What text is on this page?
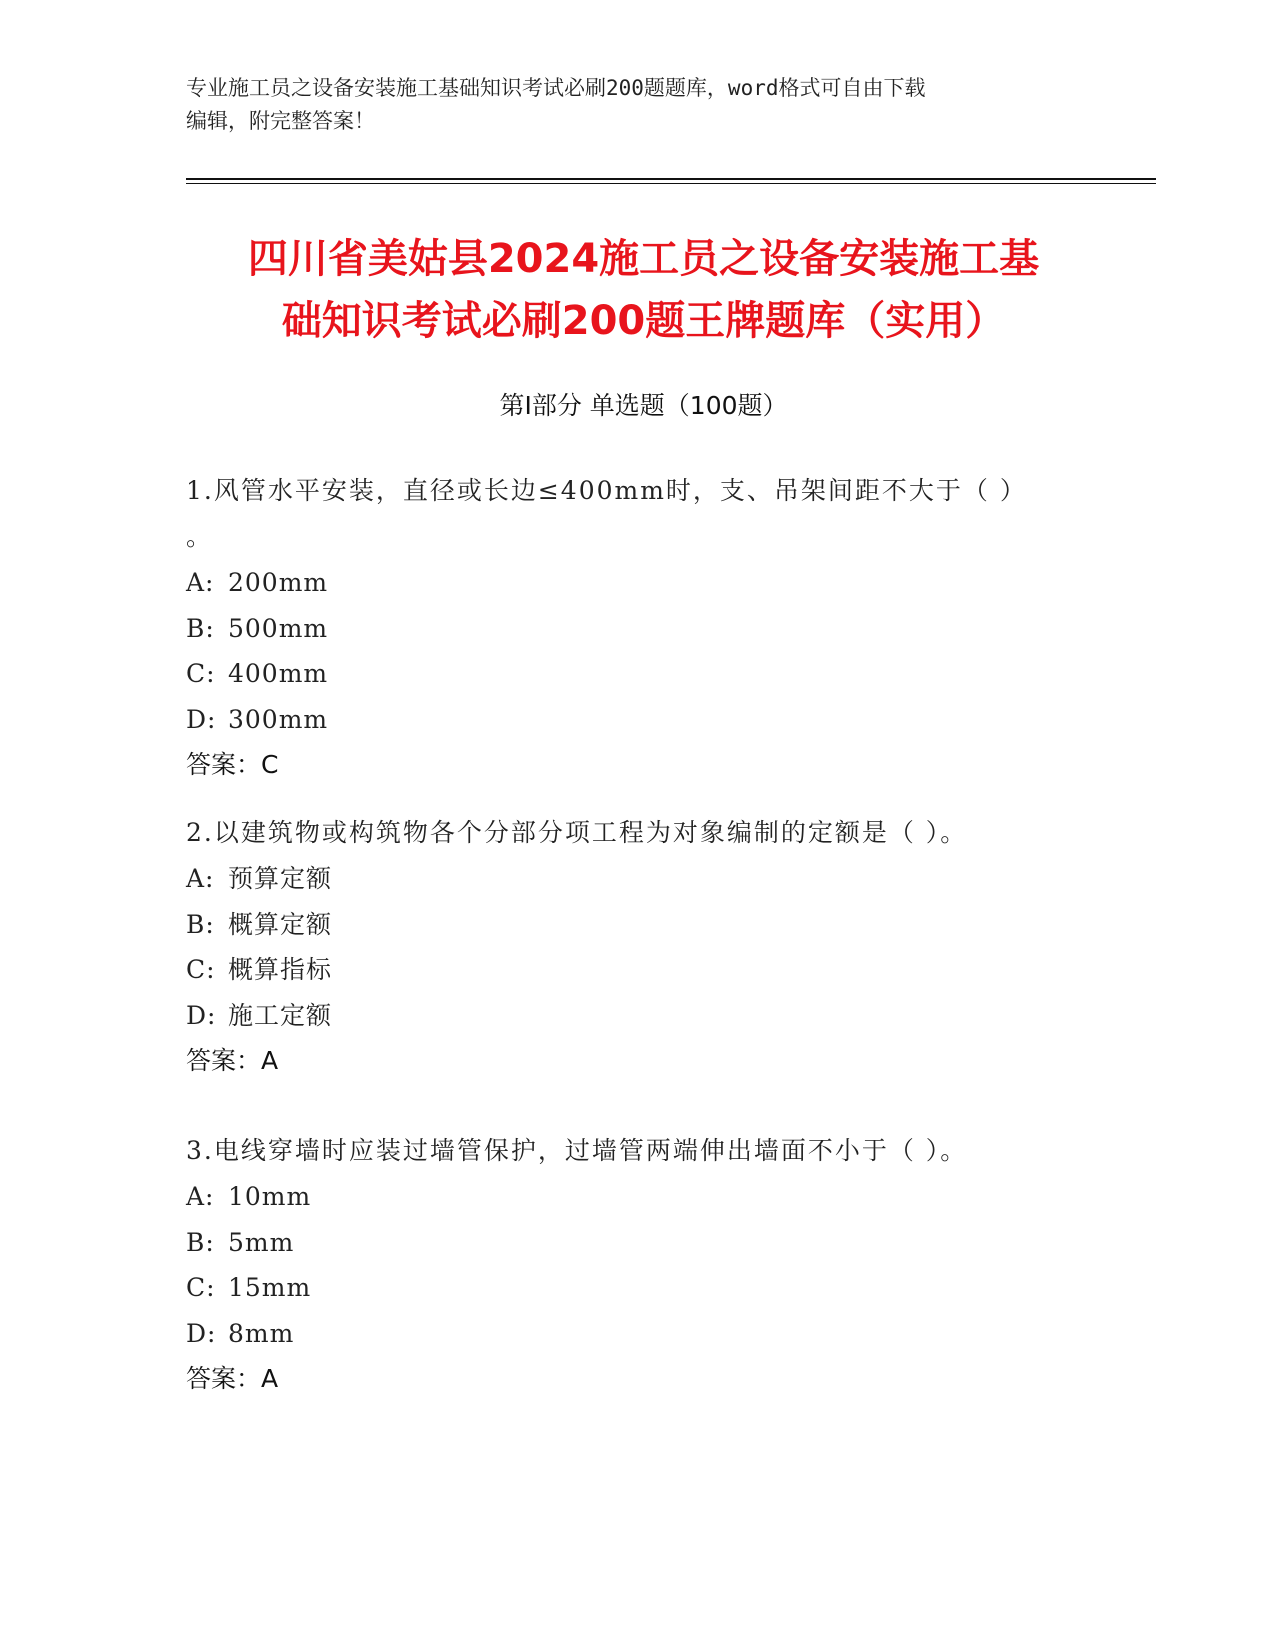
专业施工员之设备安装施工基础知识考试必刷200题题库，word格式可自由下载
编辑，附完整答案！
四川省美姑县2024施工员之设备安装施工基
础知识考试必刷200题王牌题库（实用）
第Ⅰ部分 单选题（100题）
1.风管水平安装，直径或长边≤400mm时，支、吊架间距不大于（ ）
。
A: 200mm
B: 500mm
C: 400mm
D: 300mm
答案：C
2.以建筑物或构筑物各个分部分项工程为对象编制的定额是（ ）。
A: 预算定额
B: 概算定额
C: 概算指标
D: 施工定额
答案：A
3.电线穿墙时应装过墙管保护，过墙管两端伸出墙面不小于（ ）。
A: 10mm
B: 5mm
C: 15mm
D: 8mm
答案：A
